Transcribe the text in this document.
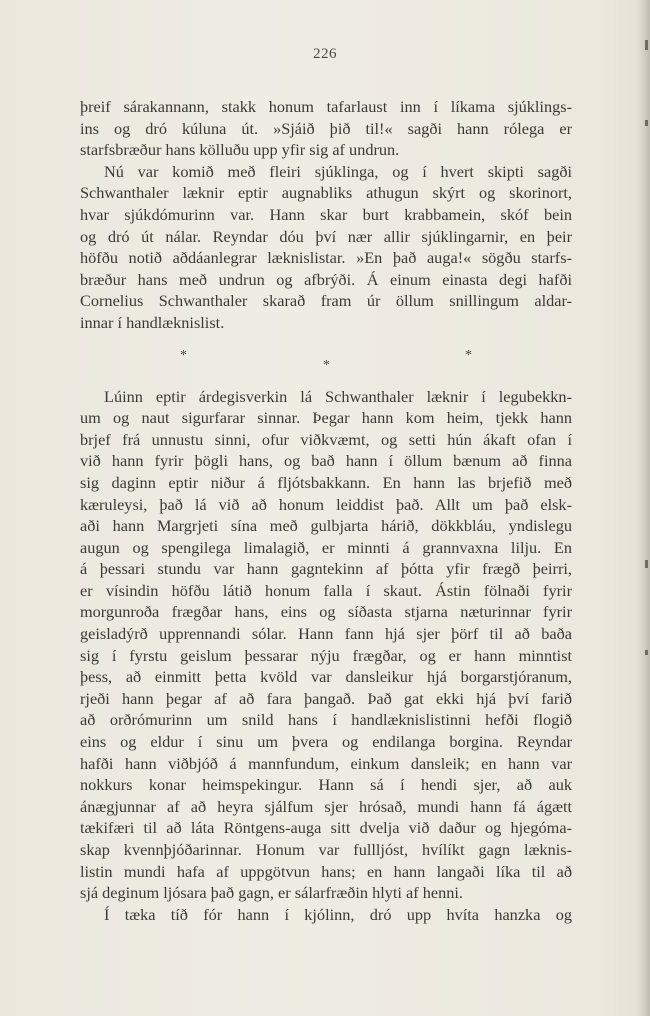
226
þreif sárakannann, stakk honum tafarlaust inn í líkama sjúklings-
ins og dró kúluna út. »Sjáið þið til!« sagði hann rólega er
starfsbræður hans kölluðu upp yfir sig af undrun.
Nú var komið með fleiri sjúklinga, og í hvert skipti sagði
Schwanthaler læknir eptir augnabliks athugun skýrt og skorinort,
hvar sjúkdómurinn var. Hann skar burt krabbamein, skóf bein
og dró út nálar. Reyndar dóu því nær allir sjúklingarnir, en þeir
höfðu notið aðdáanlegrar læknislistar. »En það auga!« sögðu starfs-
bræður hans með undrun og afbrýði. Á einum einasta degi hafði
Cornelius Schwanthaler skarað fram úr öllum snillingum aldar-
innar í handlæknislist.
*
*
*
Lúinn eptir árdegisverkin lá Schwanthaler læknir í legubekkn-
um og naut sigurfarar sinnar. Þegar hann kom heim, tjekk hann
brjef frá unnustu sinni, ofur viðkvæmt, og setti hún ákaft ofan í
við hann fyrir þögli hans, og bað hann í öllum bænum að finna
sig daginn eptir niður á fljótsbakkann. En hann las brjefið með
kæruleysi, það lá við að honum leiddist það. Allt um það elsk-
aði hann Margrjeti sína með gulbjarta hárið, dökkbláu, yndislegu
augun og spengilega limalagið, er minnti á grannvaxna lilju. En
á þessari stundu var hann gagntekinn af þótta yfir frægð þeirri,
er vísindin höfðu látið honum falla í skaut. Ástin fölnaði fyrir
morgunroða frægðar hans, eins og síðasta stjarna næturinnar fyrir
geisladýrð upprennandi sólar. Hann fann hjá sjer þörf til að baða
sig í fyrstu geislum þessarar nýju frægðar, og er hann minntist
þess, að einmitt þetta kvöld var dansleikur hjá borgarstjóranum,
rjeði hann þegar af að fara þangað. Það gat ekki hjá því farið
að orðrómurinn um snild hans í handlæknislistinni hefði flogið
eins og eldur í sinu um þvera og endilanga borgina. Reyndar
hafði hann viðbjóð á mannfundum, einkum dansleik; en hann var
nokkurs konar heimspekingur. Hann sá í hendi sjer, að auk
ánægjunnar af að heyra sjálfum sjer hrósað, mundi hann fá ágætt
tækifæri til að láta Röntgens-auga sitt dvelja við daður og hjegóma-
skap kvennþjóðarinnar. Honum var fullljóst, hvílíkt gagn læknis-
listin mundi hafa af uppgötvun hans; en hann langaði líka til að
sjá deginum ljósara það gagn, er sálarfræðin hlyti af henni.
Í tæka tíð fór hann í kjólinn, dró upp hvíta hanzka og
